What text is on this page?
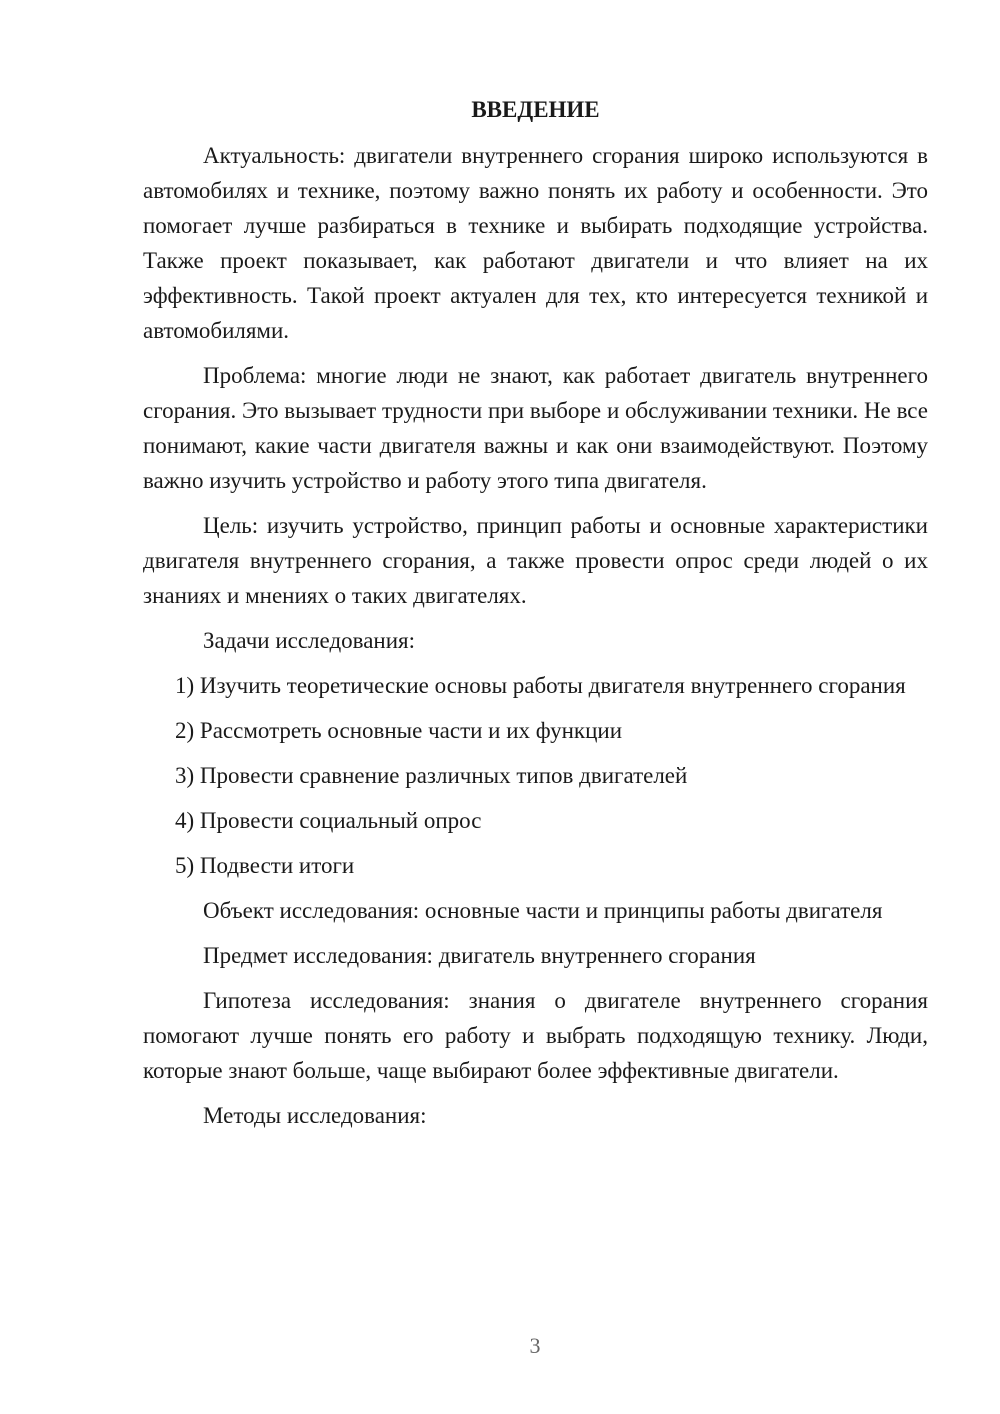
ВВЕДЕНИЕ

Актуальность: двигатели внутреннего сгорания широко используются в автомобилях и технике, поэтому важно понять их работу и особенности. Это помогает лучше разбираться в технике и выбирать подходящие устройства. Также проект показывает, как работают двигатели и что влияет на их эффективность. Такой проект актуален для тех, кто интересуется техникой и автомобилями.

Проблема: многие люди не знают, как работает двигатель внутреннего сгорания. Это вызывает трудности при выборе и обслуживании техники. Не все понимают, какие части двигателя важны и как они взаимодействуют. Поэтому важно изучить устройство и работу этого типа двигателя.

Цель: изучить устройство, принцип работы и основные характеристики двигателя внутреннего сгорания, а также провести опрос среди людей о их знаниях и мнениях о таких двигателях.

Задачи исследования:

1) Изучить теоретические основы работы двигателя внутреннего сгорания

2) Рассмотреть основные части и их функции

3) Провести сравнение различных типов двигателей

4) Провести социальный опрос

5) Подвести итоги

Объект исследования: основные части и принципы работы двигателя

Предмет исследования: двигатель внутреннего сгорания

Гипотеза исследования: знания о двигателе внутреннего сгорания помогают лучше понять его работу и выбрать подходящую технику. Люди, которые знают больше, чаще выбирают более эффективные двигатели.

Методы исследования:

3
